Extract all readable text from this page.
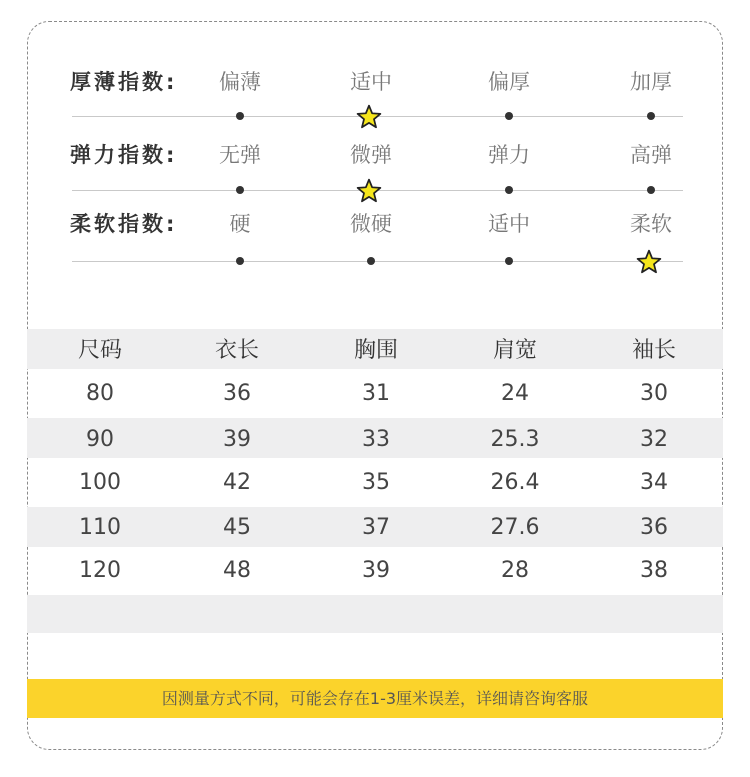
厚薄指数:	偏薄	适中	偏厚	加厚
弹力指数:	无弹	微弹	弹力	高弹
柔软指数:	硬	微硬	适中	柔软
尺码	衣长	胸围	肩宽	袖长
80	36	31	24	30
90	39	33	25.3	32
100	42	35	26.4	34
110	45	37	27.6	36
120	48	39	28	38
因测量方式不同，可能会存在1-3厘米误差，详细请咨询客服
